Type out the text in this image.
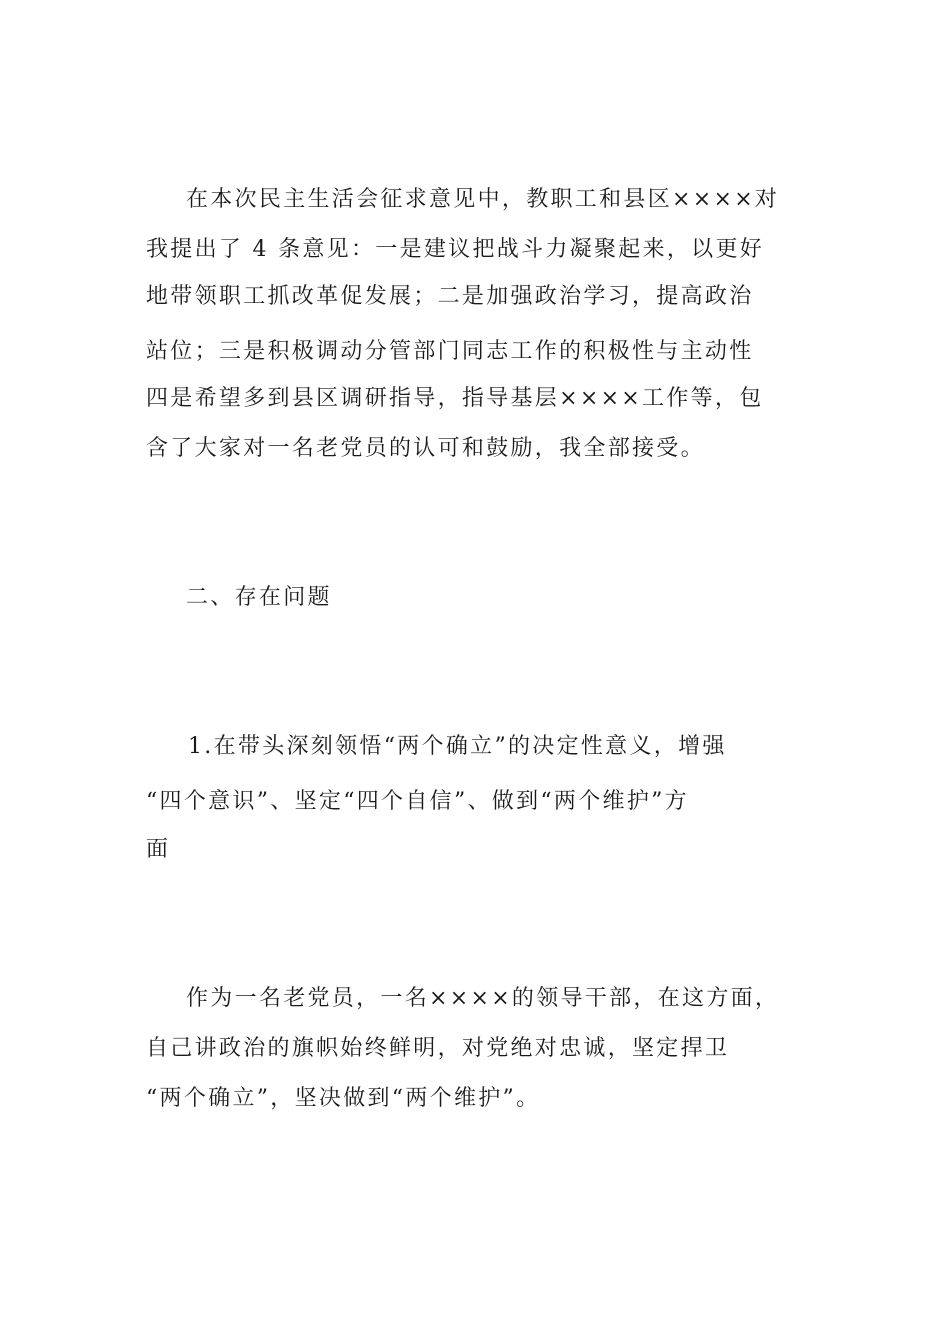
在本次民主生活会征求意见中，教职工和县区××××对
我提出了 4 条意见：一是建议把战斗力凝聚起来，以更好
地带领职工抓改革促发展；二是加强政治学习，提高政治
站位；三是积极调动分管部门同志工作的积极性与主动性
四是希望多到县区调研指导，指导基层××××工作等，包
含了大家对一名老党员的认可和鼓励，我全部接受。
二、存在问题
1.在带头深刻领悟“两个确立”的决定性意义，增强
“四个意识”、坚定“四个自信”、做到“两个维护”方
面
作为一名老党员，一名××××的领导干部，在这方面，
自己讲政治的旗帜始终鲜明，对党绝对忠诚，坚定捍卫
“两个确立”，坚决做到“两个维护”。
